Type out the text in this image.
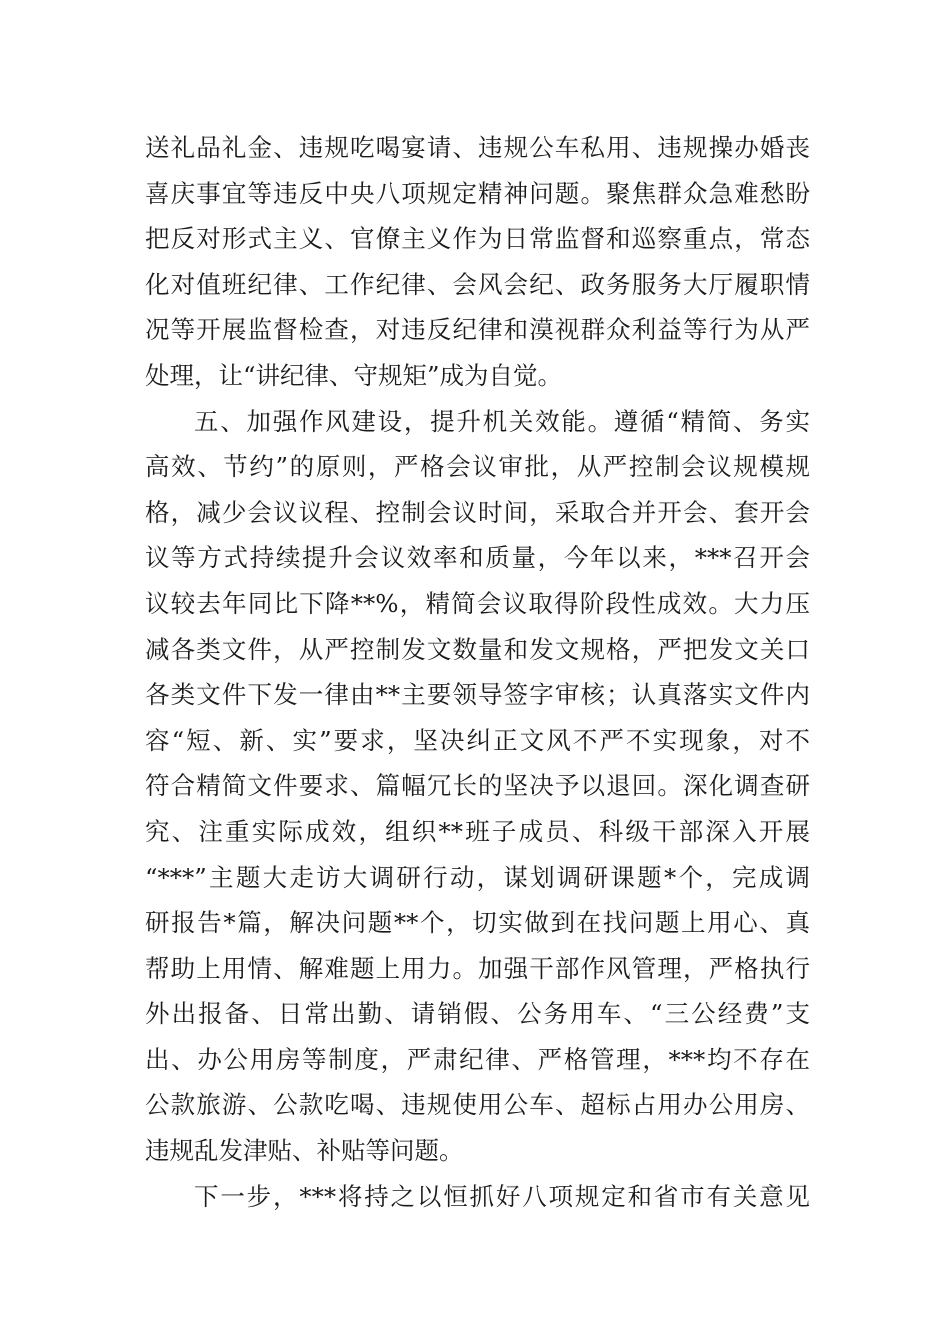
送礼品礼金、违规吃喝宴请、违规公车私用、违规操办婚丧
喜庆事宜等违反中央八项规定精神问题。聚焦群众急难愁盼
把反对形式主义、官僚主义作为日常监督和巡察重点，常态
化对值班纪律、工作纪律、会风会纪、政务服务大厅履职情
况等开展监督检查，对违反纪律和漠视群众利益等行为从严
处理，让“讲纪律、守规矩”成为自觉。
五、加强作风建设，提升机关效能。遵循“精简、务实
高效、节约”的原则，严格会议审批，从严控制会议规模规
格，减少会议议程、控制会议时间，采取合并开会、套开会
议等方式持续提升会议效率和质量，今年以来，***召开会
议较去年同比下降**%，精简会议取得阶段性成效。大力压
减各类文件，从严控制发文数量和发文规格，严把发文关口
各类文件下发一律由**主要领导签字审核；认真落实文件内
容“短、新、实”要求，坚决纠正文风不严不实现象，对不
符合精简文件要求、篇幅冗长的坚决予以退回。深化调查研
究、注重实际成效，组织**班子成员、科级干部深入开展
“***”主题大走访大调研行动，谋划调研课题*个，完成调
研报告*篇，解决问题**个，切实做到在找问题上用心、真
帮助上用情、解难题上用力。加强干部作风管理，严格执行
外出报备、日常出勤、请销假、公务用车、“三公经费”支
出、办公用房等制度，严肃纪律、严格管理，***均不存在
公款旅游、公款吃喝、违规使用公车、超标占用办公用房、
违规乱发津贴、补贴等问题。
下一步，***将持之以恒抓好八项规定和省市有关意见
